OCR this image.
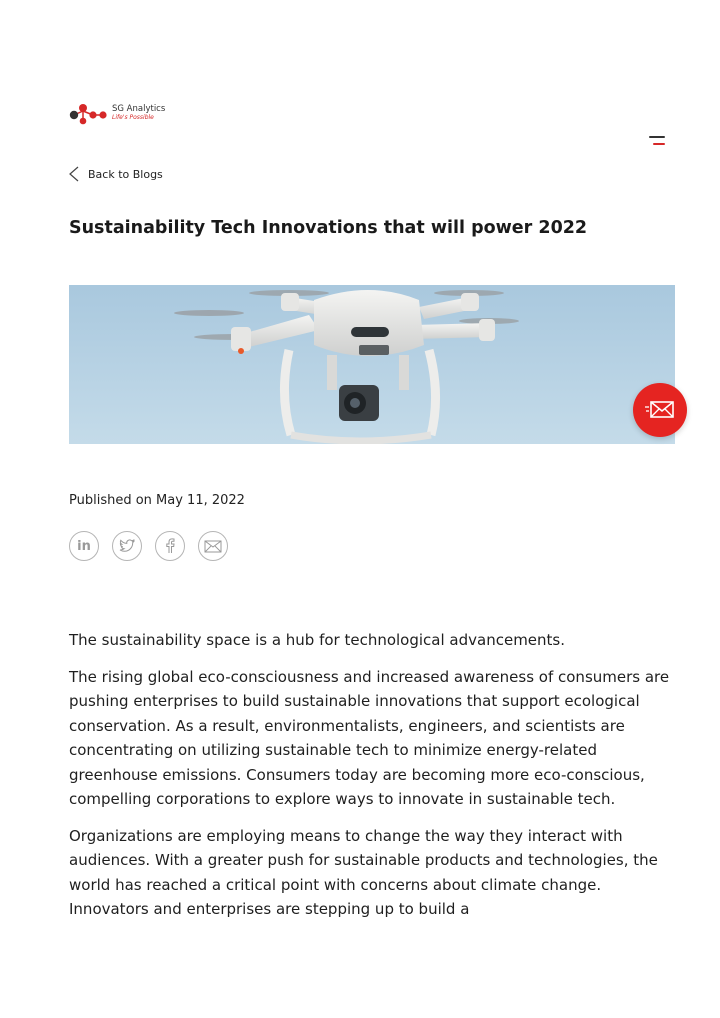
SG Analytics
Life's Possible
Back to Blogs
Sustainability Tech Innovations that will power 2022
Published on May 11, 2022
in

The sustainability space is a hub for technological advancements.

The rising global eco-consciousness and increased awareness of consumers are pushing enterprises to build sustainable innovations that support ecological conservation. As a result, environmentalists, engineers, and scientists are concentrating on utilizing sustainable tech to minimize energy-related greenhouse emissions. Consumers today are becoming more eco-conscious, compelling corporations to explore ways to innovate in sustainable tech.

Organizations are employing means to change the way they interact with audiences. With a greater push for sustainable products and technologies, the world has reached a critical point with concerns about climate change. Innovators and enterprises are stepping up to build a
